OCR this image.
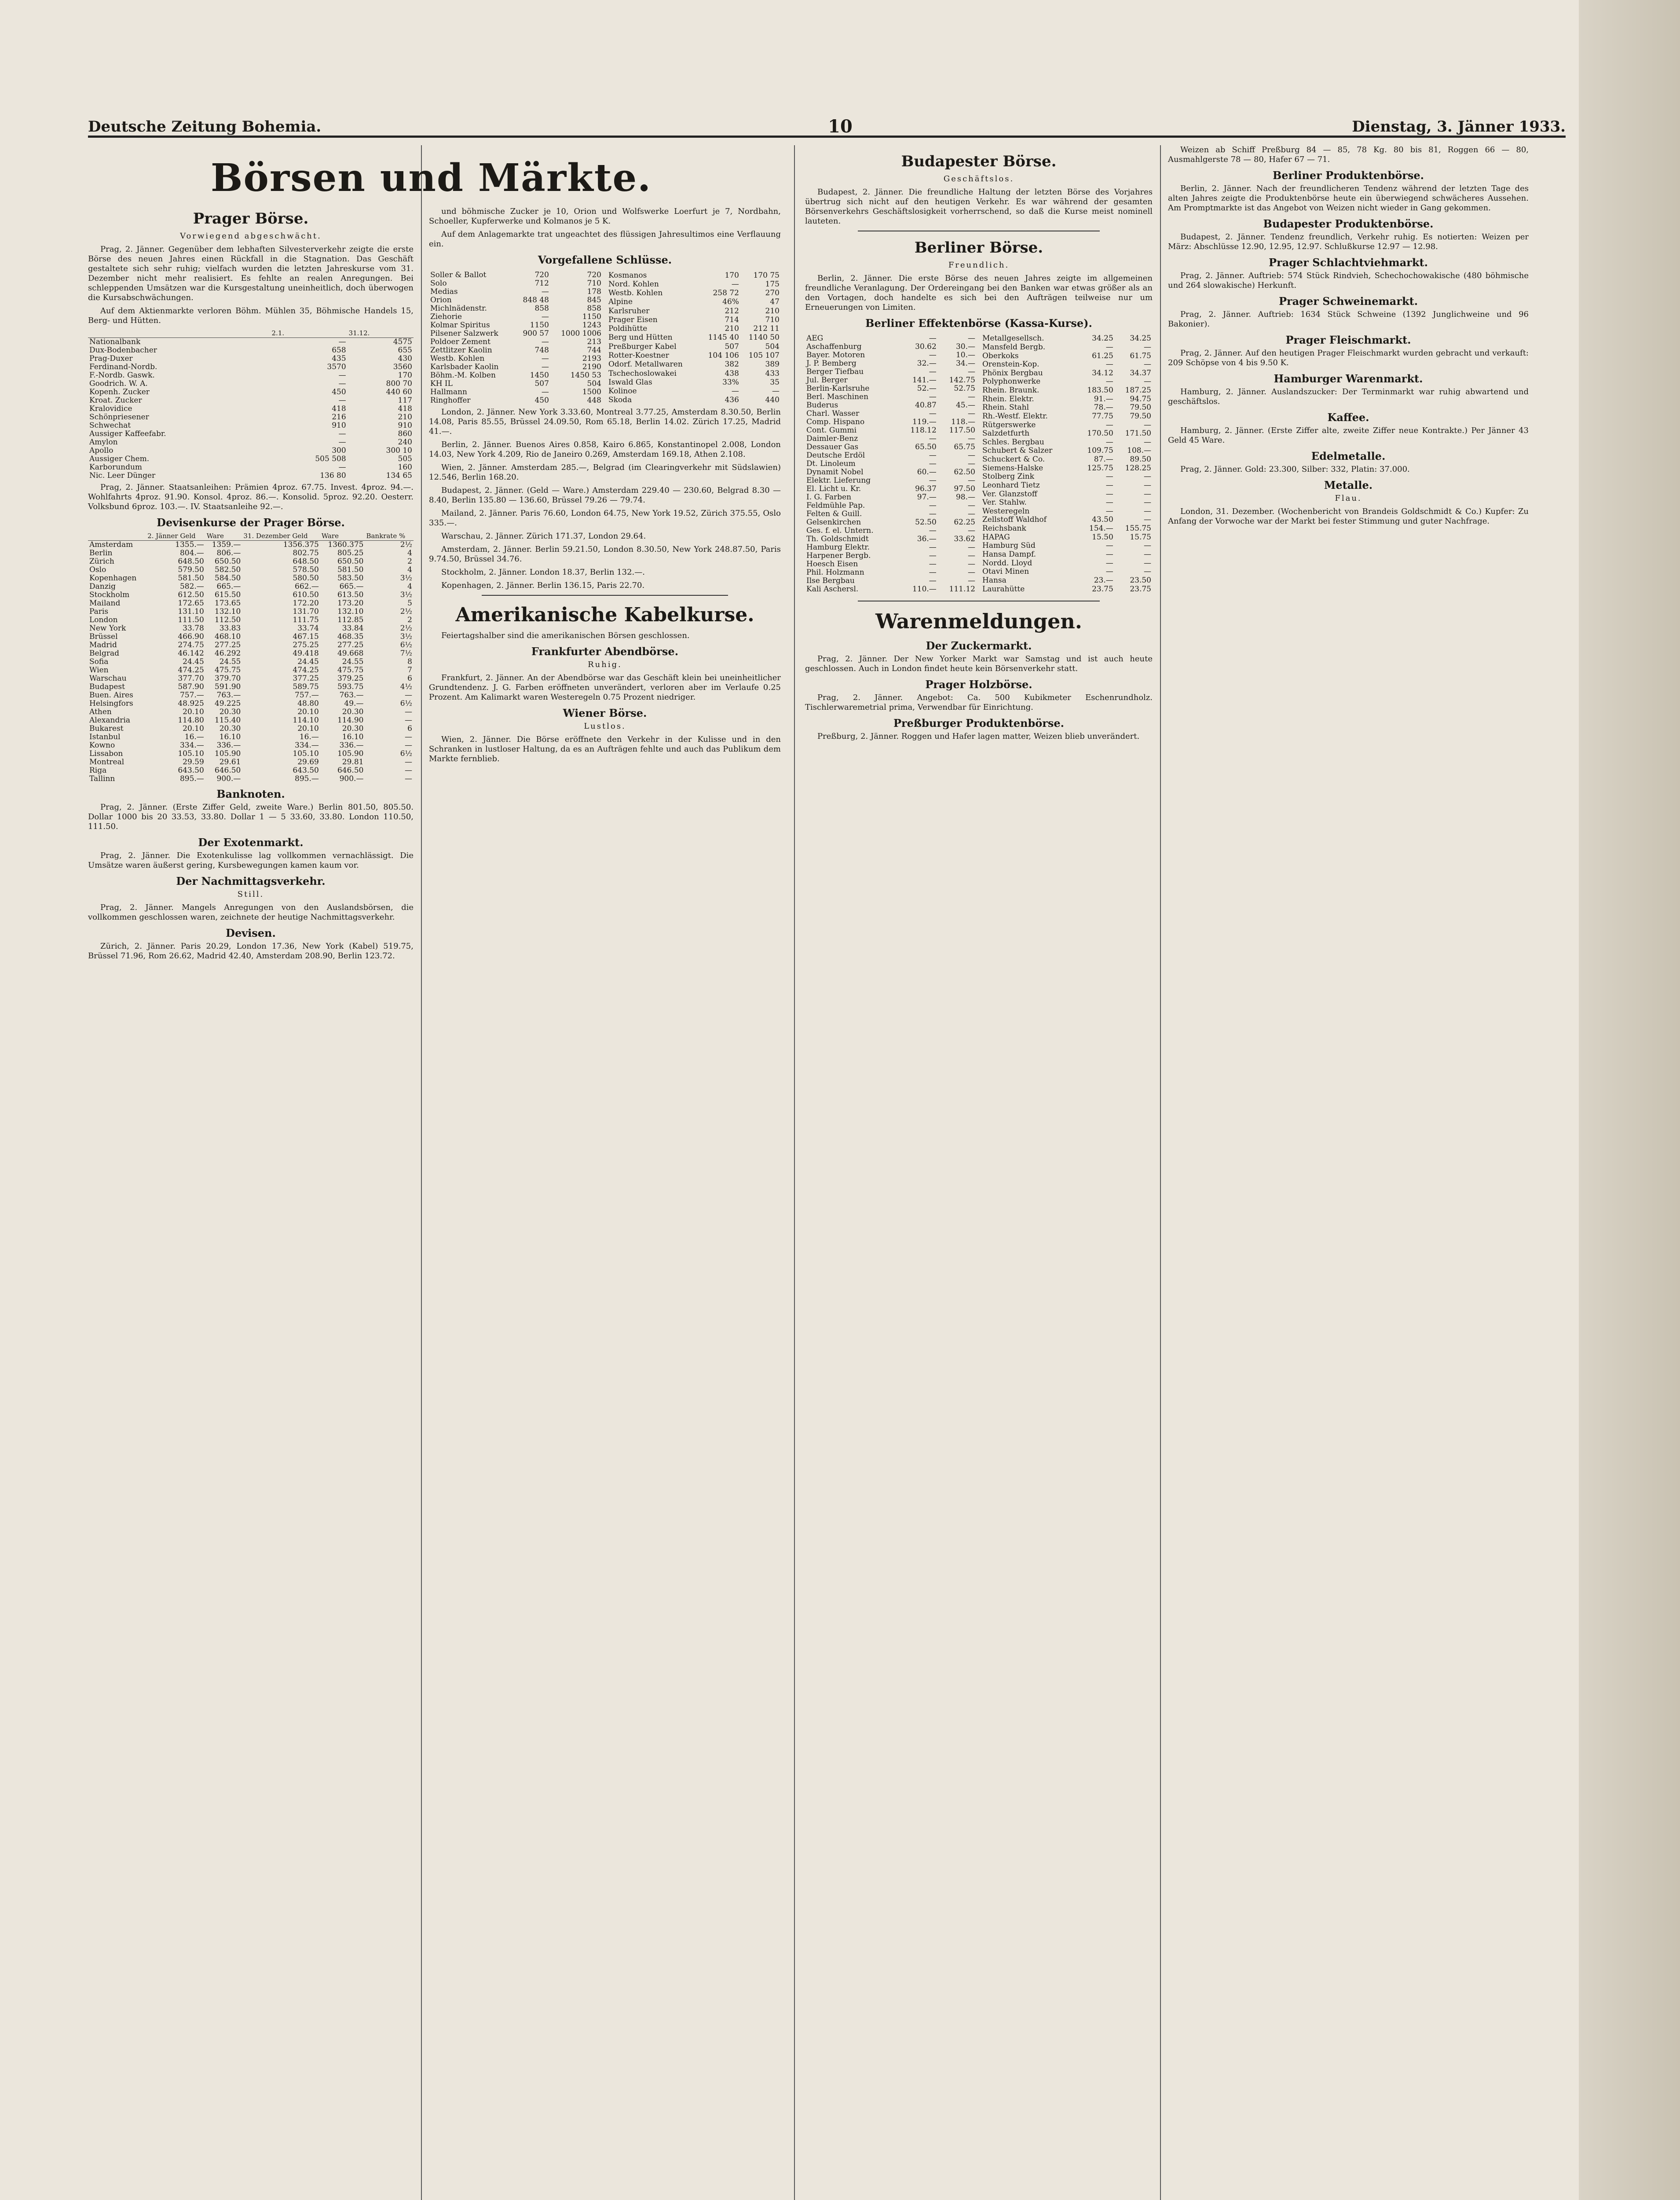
Deutsche Zeitung Bohemia.	10	Dienstag, 3. Jänner 1933.
Börsen und Märkte.
Prager Börse.
Vorwiegend abgeschwächt.

Prag, 2. Jänner. Gegenüber dem lebhaften Silvesterverkehr zeigte die erste Börse des neuen Jahres einen Rückfall in die Stagnation. Das Geschäft gestaltete sich sehr ruhig; vielfach wurden die letzten Jahreskurse vom 31. Dezember nicht mehr realisiert. Es fehlte an realen Anregungen. Bei schleppenden Umsätzen war die Kursgestaltung uneinheitlich, doch überwogen die Kursabschwächungen.

Auf dem Aktienmarkte verloren Böhm. Mühlen 35, Böhmische Handels 15, Berg- und Hütten.

	2.1.	31.12.
Nationalbank	—	4575
Dux-Bodenbacher	658	655
Prag-Duxer	435	430
Ferdinand-Nordb.	3570	3560
F.-Nordb. Gaswk.	—	170
Goodrich. W. A.	—	800 70
Kopenh. Zucker	450	440 60
Kroat. Zucker	—	117
Kralovidice	418	418
Schönpriesener	216	210
Schwechat	910	910
Aussiger Kaffeefabr.	—	860
Amylon	—	240
Apollo	300	300 10
Aussiger Chem.	505 508	505
Karborundum	—	160
Nic. Leer Dünger	136 80	134 65

Prag, 2. Jänner. Staatsanleihen: Prämien 4proz. 67.75. Invest. 4proz. 94.—. Wohlfahrts 4proz. 91.90. Konsol. 4proz. 86.—. Konsolid. 5proz. 92.20. Oesterr. Volksbund 6proz. 103.—. IV. Staatsanleihe 92.—.

Devisenkurse der Prager Börse.
	2. Jänner Geld	Ware	31. Dezember Geld	Ware	Bankrate %
Amsterdam	1355.—	1359.—	1356.375	1360.375	2½
Berlin	804.—	806.—	802.75	805.25	4
Zürich	648.50	650.50	648.50	650.50	2
Oslo	579.50	582.50	578.50	581.50	4
Kopenhagen	581.50	584.50	580.50	583.50	3½
Danzig	582.—	665.—	662.—	665.—	4
Stockholm	612.50	615.50	610.50	613.50	3½
Mailand	172.65	173.65	172.20	173.20	5
Paris	131.10	132.10	131.70	132.10	2½
London	111.50	112.50	111.75	112.85	2
New York	33.78	33.83	33.74	33.84	2½
Brüssel	466.90	468.10	467.15	468.35	3½
Madrid	274.75	277.25	275.25	277.25	6½
Belgrad	46.142	46.292	49.418	49.668	7½
Sofia	24.45	24.55	24.45	24.55	8
Wien	474.25	475.75	474.25	475.75	7
Warschau	377.70	379.70	377.25	379.25	6
Budapest	587.90	591.90	589.75	593.75	4½
Buen. Aires	757.—	763.—	757.—	763.—	—
Helsingfors	48.925	49.225	48.80	49.—	6½
Athen	20.10	20.30	20.10	20.30	—
Alexandria	114.80	115.40	114.10	114.90	—
Bukarest	20.10	20.30	20.10	20.30	6
Istanbul	16.—	16.10	16.—	16.10	—
Kowno	334.—	336.—	334.—	336.—	—
Lissabon	105.10	105.90	105.10	105.90	6½
Montreal	29.59	29.61	29.69	29.81	—
Riga	643.50	646.50	643.50	646.50	—
Tallinn	895.—	900.—	895.—	900.—	—
Banknoten.

Prag, 2. Jänner. (Erste Ziffer Geld, zweite Ware.) Berlin 801.50, 805.50. Dollar 1000 bis 20 33.53, 33.80. Dollar 1 — 5 33.60, 33.80. London 110.50, 111.50.

Der Exotenmarkt.

Prag, 2. Jänner. Die Exotenkulisse lag vollkommen vernachlässigt. Die Umsätze waren äußerst gering, Kursbewegungen kamen kaum vor.

Der Nachmittagsverkehr.
Still.

Prag, 2. Jänner. Mangels Anregungen von den Auslandsbörsen, die vollkommen geschlossen waren, zeichnete der heutige Nachmittagsverkehr.

Devisen.

Zürich, 2. Jänner. Paris 20.29, London 17.36, New York (Kabel) 519.75, Brüssel 71.96, Rom 26.62, Madrid 42.40, Amsterdam 208.90, Berlin 123.72.

und böhmische Zucker je 10, Orion und Wolfswerke Loerfurt je 7, Nordbahn, Schoeller, Kupferwerke und Kolmanos je 5 K.

Auf dem Anlagemarkte trat ungeachtet des flüssigen Jahresultimos eine Verflauung ein.

Vorgefallene Schlüsse.
Soller & Ballot	720	720
Solo	712	710
Medias	—	178
Orion	848 48	845
Michlnädenstr.	858	858
Ziehorie	—	1150
Kolmar Spiritus	1150	1243
Pilsener Salzwerk	900 57	1000 1006
Poldoer Zement	—	213
Zettlitzer Kaolin	748	744
Westb. Kohlen	—	2193
Karlsbader Kaolin	—	2190
Böhm.-M. Kolben	1450	1450 53
KH IL	507	504
Hallmann	—	1500
Ringhoffer	450	448
Kosmanos	170	170 75
Nord. Kohlen	—	175
Westb. Kohlen	258 72	270
Alpine	46%	47
Karlsruher	212	210
Prager Eisen	714	710
Poldihütte	210	212 11
Berg und Hütten	1145 40	1140 50
Preßburger Kabel	507	504
Rotter-Koestner	104 106	105 107
Odorf. Metallwaren	382	389
Tschechoslowakei	438	433
Iswald Glas	33%	35
Kolinoe	—	—
Skoda	436	440

London, 2. Jänner. New York 3.33.60, Montreal 3.77.25, Amsterdam 8.30.50, Berlin 14.08, Paris 85.55, Brüssel 24.09.50, Rom 65.18, Berlin 14.02. Zürich 17.25, Madrid 41.—.

Berlin, 2. Jänner. Buenos Aires 0.858, Kairo 6.865, Konstantinopel 2.008, London 14.03, New York 4.209, Rio de Janeiro 0.269, Amsterdam 169.18, Athen 2.108.

Wien, 2. Jänner. Amsterdam 285.—, Belgrad (im Clearingverkehr mit Südslawien) 12.546, Berlin 168.20.

Budapest, 2. Jänner. (Geld — Ware.) Amsterdam 229.40 — 230.60, Belgrad 8.30 — 8.40, Berlin 135.80 — 136.60, Brüssel 79.26 — 79.74.

Mailand, 2. Jänner. Paris 76.60, London 64.75, New York 19.52, Zürich 375.55, Oslo 335.—.

Warschau, 2. Jänner. Zürich 171.37, London 29.64.

Amsterdam, 2. Jänner. Berlin 59.21.50, London 8.30.50, New York 248.87.50, Paris 9.74.50, Brüssel 34.76.

Stockholm, 2. Jänner. London 18.37, Berlin 132.—.

Kopenhagen, 2. Jänner. Berlin 136.15, Paris 22.70.

Amerikanische Kabelkurse.

Feiertagshalber sind die amerikanischen Börsen geschlossen.

Frankfurter Abendbörse.
Ruhig.

Frankfurt, 2. Jänner. An der Abendbörse war das Geschäft klein bei uneinheitlicher Grundtendenz. J. G. Farben eröffneten unverändert, verloren aber im Verlaufe 0.25 Prozent. Am Kalimarkt waren Westeregeln 0.75 Prozent niedriger.

Wiener Börse.
Lustlos.

Wien, 2. Jänner. Die Börse eröffnete den Verkehr in der Kulisse und in den Schranken in lustloser Haltung, da es an Aufträgen fehlte und auch das Publikum dem Markte fernblieb.

Budapester Börse.
Geschäftslos.

Budapest, 2. Jänner. Die freundliche Haltung der letzten Börse des Vorjahres übertrug sich nicht auf den heutigen Verkehr. Es war während der gesamten Börsenverkehrs Geschäftslosigkeit vorherrschend, so daß die Kurse meist nominell lauteten.

Berliner Börse.
Freundlich.

Berlin, 2. Jänner. Die erste Börse des neuen Jahres zeigte im allgemeinen freundliche Veranlagung. Der Ordereingang bei den Banken war etwas größer als an den Vortagen, doch handelte es sich bei den Aufträgen teilweise nur um Erneuerungen von Limiten.

Berliner Effektenbörse (Kassa-Kurse).
AEG	—	—
Aschaffenburg	30.62	30.—
Bayer. Motoren	—	10.—
J. P. Bemberg	32.—	34.—
Berger Tiefbau	—	—
Jul. Berger	141.—	142.75
Berlin-Karlsruhe	52.—	52.75
Berl. Maschinen	—	—
Buderus	40.87	45.—
Charl. Wasser	—	—
Comp. Hispano	119.—	118.—
Cont. Gummi	118.12	117.50
Daimler-Benz	—	—
Dessauer Gas	65.50	65.75
Deutsche Erdöl	—	—
Dt. Linoleum	—	—
Dynamit Nobel	60.—	62.50
Elektr. Lieferung	—	—
El. Licht u. Kr.	96.37	97.50
I. G. Farben	97.—	98.—
Feldmühle Pap.	—	—
Felten & Guill.	—	—
Gelsenkirchen	52.50	62.25
Ges. f. el. Untern.	—	—
Th. Goldschmidt	36.—	33.62
Hamburg Elektr.	—	—
Harpener Bergb.	—	—
Hoesch Eisen	—	—
Phil. Holzmann	—	—
Ilse Bergbau	—	—
Kali Aschersl.	110.—	111.12
Metallgesellsch.	34.25	34.25
Mansfeld Bergb.	—	—
Oberkoks	61.25	61.75
Orenstein-Kop.	—	—
Phönix Bergbau	34.12	34.37
Polyphonwerke	—	—
Rhein. Braunk.	183.50	187.25
Rhein. Elektr.	91.—	94.75
Rhein. Stahl	78.—	79.50
Rh.-Westf. Elektr.	77.75	79.50
Rütgerswerke	—	—
Salzdetfurth	170.50	171.50
Schles. Bergbau	—	—
Schubert & Salzer	109.75	108.—
Schuckert & Co.	87.—	89.50
Siemens-Halske	125.75	128.25
Stolberg Zink	—	—
Leonhard Tietz	—	—
Ver. Glanzstoff	—	—
Ver. Stahlw.	—	—
Westeregeln	—	—
Zellstoff Waldhof	43.50	—
Reichsbank	154.—	155.75
HAPAG	15.50	15.75
Hamburg Süd	—	—
Hansa Dampf.	—	—
Nordd. Lloyd	—	—
Otavi Minen	—	—
Hansa	23.—	23.50
Laurahütte	23.75	23.75
Warenmeldungen.
Der Zuckermarkt.

Prag, 2. Jänner. Der New Yorker Markt war Samstag und ist auch heute geschlossen. Auch in London findet heute kein Börsenverkehr statt.

Prager Holzbörse.

Prag, 2. Jänner. Angebot: Ca. 500 Kubikmeter Eschenrundholz. Tischlerwaremetrial prima, Verwendbar für Einrichtung.

Preßburger Produktenbörse.

Preßburg, 2. Jänner. Roggen und Hafer lagen matter, Weizen blieb unverändert.

Weizen ab Schiff Preßburg 84 — 85, 78 Kg. 80 bis 81, Roggen 66 — 80, Ausmahlgerste 78 — 80, Hafer 67 — 71.

Berliner Produktenbörse.

Berlin, 2. Jänner. Nach der freundlicheren Tendenz während der letzten Tage des alten Jahres zeigte die Produktenbörse heute ein überwiegend schwächeres Aussehen. Am Promptmarkte ist das Angebot von Weizen nicht wieder in Gang gekommen.

Budapester Produktenbörse.

Budapest, 2. Jänner. Tendenz freundlich, Verkehr ruhig. Es notierten: Weizen per März: Abschlüsse 12.90, 12.95, 12.97. Schlußkurse 12.97 — 12.98.

Prager Schlachtviehmarkt.

Prag, 2. Jänner. Auftrieb: 574 Stück Rindvieh, Schechochowakische (480 böhmische und 264 slowakische) Herkunft.

Prager Schweinemarkt.

Prag, 2. Jänner. Auftrieb: 1634 Stück Schweine (1392 Junglichweine und 96 Bakonier).

Prager Fleischmarkt.

Prag, 2. Jänner. Auf den heutigen Prager Fleischmarkt wurden gebracht und verkauft: 209 Schöpse von 4 bis 9.50 K.

Hamburger Warenmarkt.

Hamburg, 2. Jänner. Auslandszucker: Der Terminmarkt war ruhig abwartend und geschäftslos.

Kaffee.

Hamburg, 2. Jänner. (Erste Ziffer alte, zweite Ziffer neue Kontrakte.) Per Jänner 43 Geld 45 Ware.

Edelmetalle.

Prag, 2. Jänner. Gold: 23.300, Silber: 332, Platin: 37.000.

Metalle.
Flau.

London, 31. Dezember. (Wochenbericht von Brandeis Goldschmidt & Co.) Kupfer: Zu Anfang der Vorwoche war der Markt bei fester Stimmung und guter Nachfrage.
